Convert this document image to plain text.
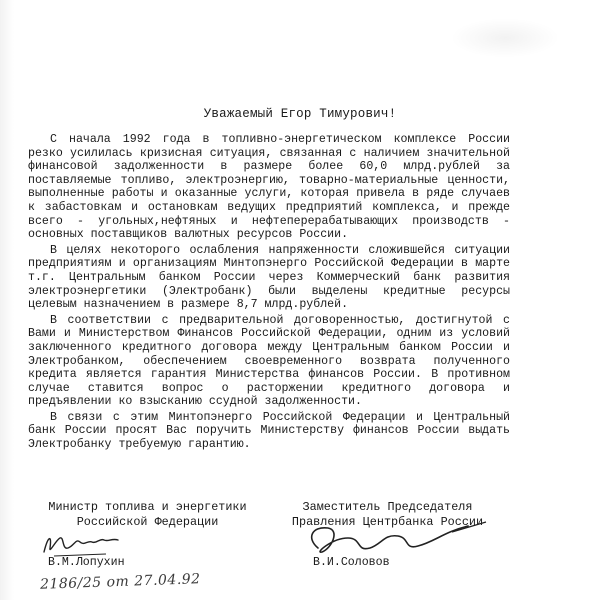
Уважаемый Егор Тимурович!

С начала 1992 года в топливно-энергетическом комплексе России резко усилилась кризисная ситуация, связанная с наличием значительной финансовой задолженности в размере более 60,0 млрд.рублей за поставляемые топливо, электроэнергию, товарно-материальные ценности, выполненные работы и оказанные услуги, которая привела в ряде случаев к забастовкам и остановкам ведущих предприятий комплекса, и прежде всего - угольных,нефтяных и нефтеперерабатывающих производств - основных поставщиков валютных ресурсов России.

В целях некоторого ослабления напряженности сложившейся ситуации предприятиям и организациям Минтопэнерго Российской Федерации в марте т.г. Центральным банком России через Коммерческий банк развития электроэнергетики (Электробанк) были выделены кредитные ресурсы целевым назначением в размере 8,7 млрд.рублей.

В соответствии с предварительной договоренностью, достигнутой с Вами и Министерством Финансов Российской Федерации, одним из условий заключенного кредитного договора между Центральным банком России и Электробанком, обеспечением своевременного возврата полученного кредита является гарантия Министерства финансов России. В противном случае ставится вопрос о расторжении кредитного договора и предъявлении ко взысканию ссудной задолженности.

В связи с этим Минтопэнерго Российской Федерации и Центральный банк России просят Вас поручить Министерству финансов России выдать Электробанку требуемую гарантию.

Министр топлива и энергетики
Российской Федерации
Заместитель Председателя
Правления Центрбанка России
В.М.Лопухин	В.И.Соловов
2186/25 от 27.04.92
